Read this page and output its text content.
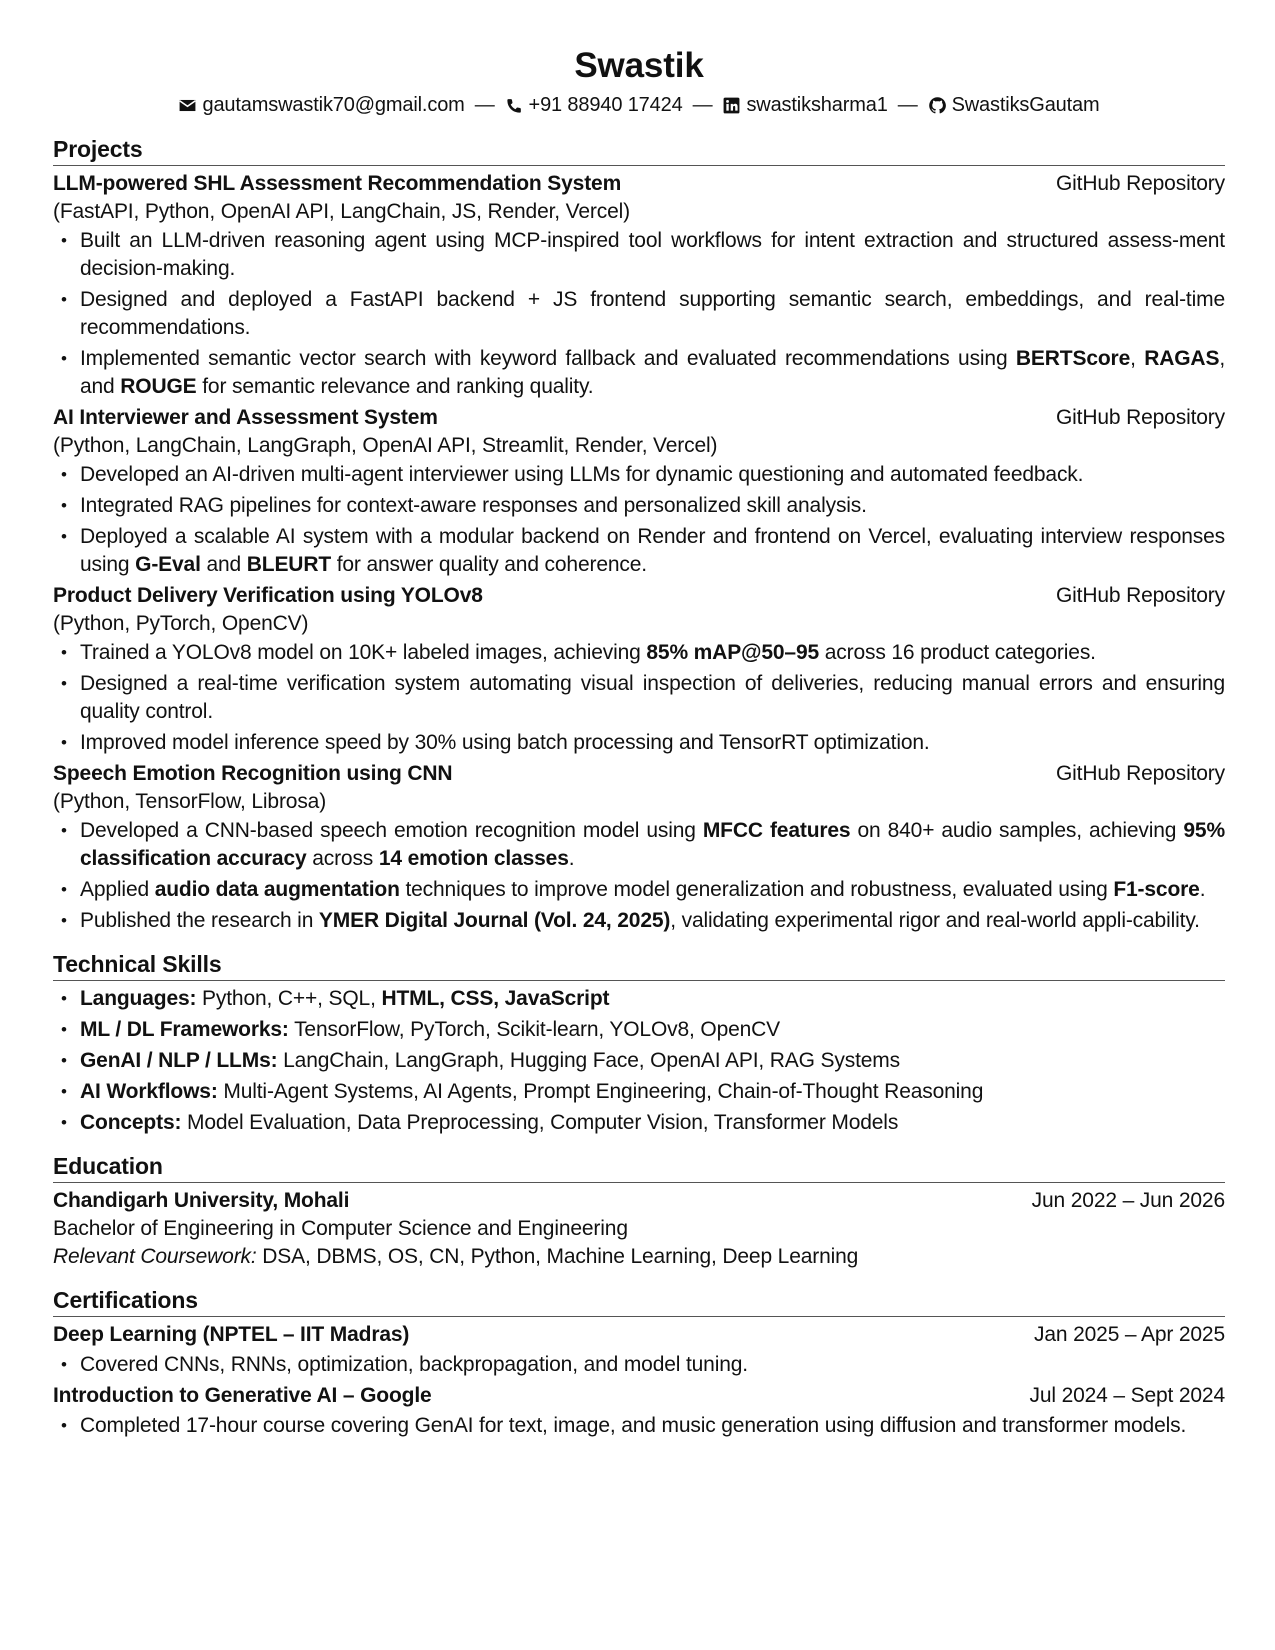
Swastik
gautamswastik70@gmail.com — +91 88940 17424 — swastiksharma1 — SwastiksGautam
Projects
LLM-powered SHL Assessment Recommendation System	GitHub Repository
(FastAPI, Python, OpenAI API, LangChain, JS, Render, Vercel)
• Built an LLM-driven reasoning agent using MCP-inspired tool workflows for intent extraction and structured assess-ment decision-making.
• Designed and deployed a FastAPI backend + JS frontend supporting semantic search, embeddings, and real-time recommendations.
• Implemented semantic vector search with keyword fallback and evaluated recommendations using BERTScore, RAGAS, and ROUGE for semantic relevance and ranking quality.
AI Interviewer and Assessment System	GitHub Repository
(Python, LangChain, LangGraph, OpenAI API, Streamlit, Render, Vercel)
• Developed an AI-driven multi-agent interviewer using LLMs for dynamic questioning and automated feedback.
• Integrated RAG pipelines for context-aware responses and personalized skill analysis.
• Deployed a scalable AI system with a modular backend on Render and frontend on Vercel, evaluating interview responses using G-Eval and BLEURT for answer quality and coherence.
Product Delivery Verification using YOLOv8	GitHub Repository
(Python, PyTorch, OpenCV)
• Trained a YOLOv8 model on 10K+ labeled images, achieving 85% mAP@50–95 across 16 product categories.
• Designed a real-time verification system automating visual inspection of deliveries, reducing manual errors and ensuring quality control.
• Improved model inference speed by 30% using batch processing and TensorRT optimization.
Speech Emotion Recognition using CNN	GitHub Repository
(Python, TensorFlow, Librosa)
• Developed a CNN-based speech emotion recognition model using MFCC features on 840+ audio samples, achieving 95% classification accuracy across 14 emotion classes.
• Applied audio data augmentation techniques to improve model generalization and robustness, evaluated using F1-score.
• Published the research in YMER Digital Journal (Vol. 24, 2025), validating experimental rigor and real-world appli-cability.
Technical Skills
• Languages: Python, C++, SQL, HTML, CSS, JavaScript
• ML / DL Frameworks: TensorFlow, PyTorch, Scikit-learn, YOLOv8, OpenCV
• GenAI / NLP / LLMs: LangChain, LangGraph, Hugging Face, OpenAI API, RAG Systems
• AI Workflows: Multi-Agent Systems, AI Agents, Prompt Engineering, Chain-of-Thought Reasoning
• Concepts: Model Evaluation, Data Preprocessing, Computer Vision, Transformer Models
Education
Chandigarh University, Mohali	Jun 2022 – Jun 2026
Bachelor of Engineering in Computer Science and Engineering
Relevant Coursework: DSA, DBMS, OS, CN, Python, Machine Learning, Deep Learning
Certifications
Deep Learning (NPTEL – IIT Madras)	Jan 2025 – Apr 2025
• Covered CNNs, RNNs, optimization, backpropagation, and model tuning.
Introduction to Generative AI – Google	Jul 2024 – Sept 2024
• Completed 17-hour course covering GenAI for text, image, and music generation using diffusion and transformer models.
